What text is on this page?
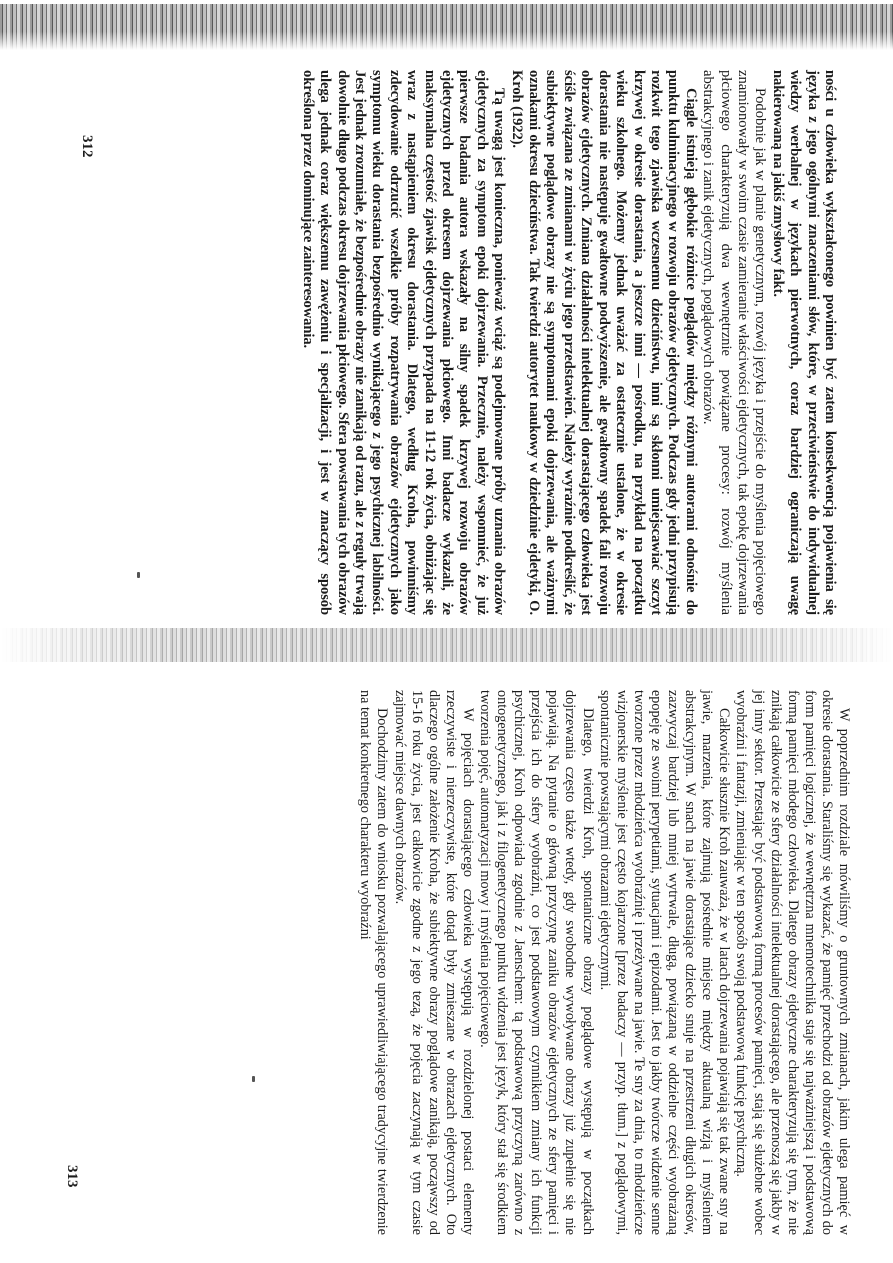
ności u człowieka wykształconego powinien być zatem konsekwencją pojawienia się języka z jego ogólnymi znaczeniami słów, które, w przeciwieństwie do indywidualnej wiedzy werbalnej w językach pierwotnych, coraz bardziej ograniczają uwagę nakierowaną na jakiś zmysłowy fakt.

Podobnie jak w planie genetycznym, rozwój języka i przejście do myślenia pojęciowego znamionowały w swoim czasie zamieranie właściwości ejdetycznych, tak epokę dojrzewania płciowego charakteryzują dwa wewnętrznie powiązane procesy: rozwój myślenia abstrakcyjnego i zanik ejdetycznych, poglądowych obrazów.

Ciągle istnieją głębokie różnice poglądów między różnymi autorami odnośnie do punktu kulminacyjnego w rozwoju obrazów ejdetycznych. Podczas gdy jedni przypisują rozkwit tego zjawiska wczesnemu dzieciństwu, inni są skłonni umiejscawiać szczyt krzywej w okresie dorastania, a jeszcze inni — pośrodku, na przykład na początku wieku szkolnego. Możemy jednak uważać za ostatecznie ustalone, że w okresie dorastania nie następuje gwałtowne podwyższenie, ale gwałtowny spadek fali rozwoju obrazów ejdetycznych. Zmiana działalności intelektualnej dorastającego człowieka jest ściśle związana ze zmianami w życiu jego przedstawień. Należy wyraźnie podkreślić, że subiektywne poglądowe obrazy nie są symptomami epoki dojrzewania, ale ważnymi oznakami okresu dzieciństwa. Tak twierdzi autorytet naukowy w dziedzinie ejdetyki, O. Kroh (1922).

Tą uwagą jest konieczna, ponieważ wciąż są podejmowane próby uznania obrazów ejdetycznych za symptom epoki dojrzewania. Przecznie, należy wspomnieć, że już pierwsze badania autora wskazały na silny spadek krzywej rozwoju obrazów ejdetycznych przed okresem dojrzewania płciowego. Inni badacze wykazali, że maksymalna częstość zjawisk ejdetycznych przypada na 11-12 rok życia, obniżając się wraz z nastąpieniem okresu dorastania. Dlatego, według Kroha, powinniśmy zdecydowanie odrzucić wszelkie próby rozpatrywania obrazów ejdetycznych jako symptomu wieku dorastania bezpośrednio wynikającego z jego psychicznej labilności. Jest jednak zrozumiałe, że bezpośrednie obrazy nie zanikają od razu, ale z reguły trwają dowolnie długo podczas okresu dojrzewania płciowego. Sfera powstawania tych obrazów ulega jednak coraz większemu zawężeniu i specjalizacji, i jest w znaczący sposób określona przez dominujące zainteresowania.

W poprzednim rozdziale mówiliśmy o gruntownych zmianach, jakim ulega pamięć w okresie dorastania. Staraliśmy się wykazać, że pamięć przechodzi od obrazów ejdetycznych do form pamięci logicznej, że wewnętrzna mnemotechnika staje się najważniejszą i podstawową formą pamięci młodego człowieka. Dlatego obrazy ejdetyczne charakteryzują się tym, że nie znikają całkowicie ze sfery działalności intelektualnej dorastającego, ale przenoszą się jakby w jej inny sektor. Przestając być podstawową formą procesów pamięci, stają się służebne wobec wyobraźni i fantazji, zmieniając w ten sposób swoją podstawową funkcję psychiczną.

Całkowicie słusznie Kroh zauważa, że w latach dojrzewania pojawiają się tak zwane sny na jawie, marzenia, które zajmują pośrednie miejsce między aktualną wizją i myśleniem abstrakcyjnym. W snach na jawie dorastające dziecko snuje na przestrzeni długich okresów, zazwyczaj bardziej lub mniej wytrwale, długą, powiązaną w oddzielne części wyobrażaną epopeję ze swoimi perypetiami, sytuacjami i epizodami. Jest to jakby twórcze widzenie senne tworzone przez młodzieńca wyobraźnię i przeżywane na jawie. Te sny za dnia, to młodzieńcze wizjonerskie myślenie jest często kojarzone [przez badaczy — przyp. tłum.] z poglądowymi, spontanicznie powstającymi obrazami ejdetycznymi.

Dlatego, twierdzi Kroh, spontaniczne obrazy poglądowe występują w początkach dojrzewania często także wtedy, gdy swobodne wywoływane obrazy już zupełnie się nie pojawiają. Na pytanie o główną przyczynę zaniku obrazów ejdetycznych ze sfery pamięci i przejścia ich do sfery wyobraźni, co jest podstawowym czynnikiem zmiany ich funkcji psychicznej, Kroh odpowiada zgodnie z Jaenschem: tą podstawową przyczyną zarówno z ontogenetycznego, jak i z filogenetycznego punktu widzenia jest język, który stał się środkiem tworzenia pojęć, automatyzacji mowy i myślenia pojęciowego.

W pojęciach dorastającego człowieka występują w rozdzielonej postaci elementy rzeczywiste i nierzeczywiste, które dotąd były zmieszane w obrazach ejdetycznych. Oto dlaczego ogólne założenie Kroha, że subiektywne obrazy poglądowe zanikają, począwszy od 15-16 roku życia, jest całkowicie zgodne z jego tezą, że pojęcia zaczynają w tym czasie zajmować miejsce dawnych obrazów.

Dochodzimy zatem do wniosku pozwalającego uprawiedliwiającego tradycyjne twierdzenie na temat konkretnego charakteru wyobraźni

312
313
